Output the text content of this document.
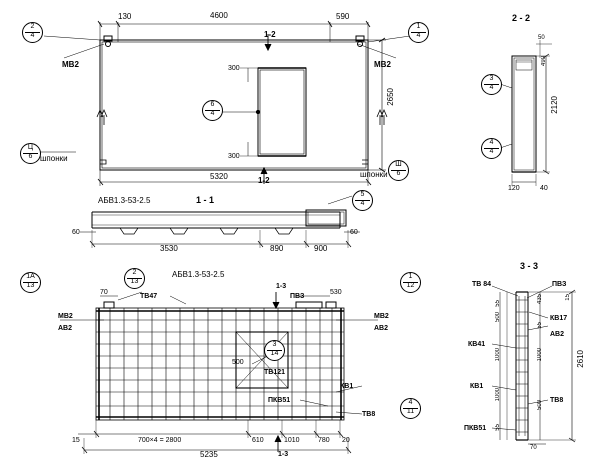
130	4600	590
2650
5320
300
300
МВ2	МВ2
шпонки
шпонки
1-2
1-2
2
4
1
4
Ц
6
Ш
6
6
4
АБВ1.3-53-2.5	1 - 1
60	60
3530	890	900
5
4
2 - 2
50
490
2120
120	40
3
4
4
4
АБВ1.3-53-2.5
70	530
ТВ47	ПВЗ
1-3
1-3
МВ2
АВ2
МВ2
АВ2
500
ТВ121
КВ1
ПКВ51
ТВ8
15	700×4 = 2800	610	1010	780 20
5235
1А
13
2
13
1
12
3
14
4
11
3 - 3
ТВ 84	ПВЗ
КВ17
АВ2
КВ41
КВ1
ТВ8
ПКВ51
55
500
1000
1000
55
435
55
1000
500
15
2610
70
